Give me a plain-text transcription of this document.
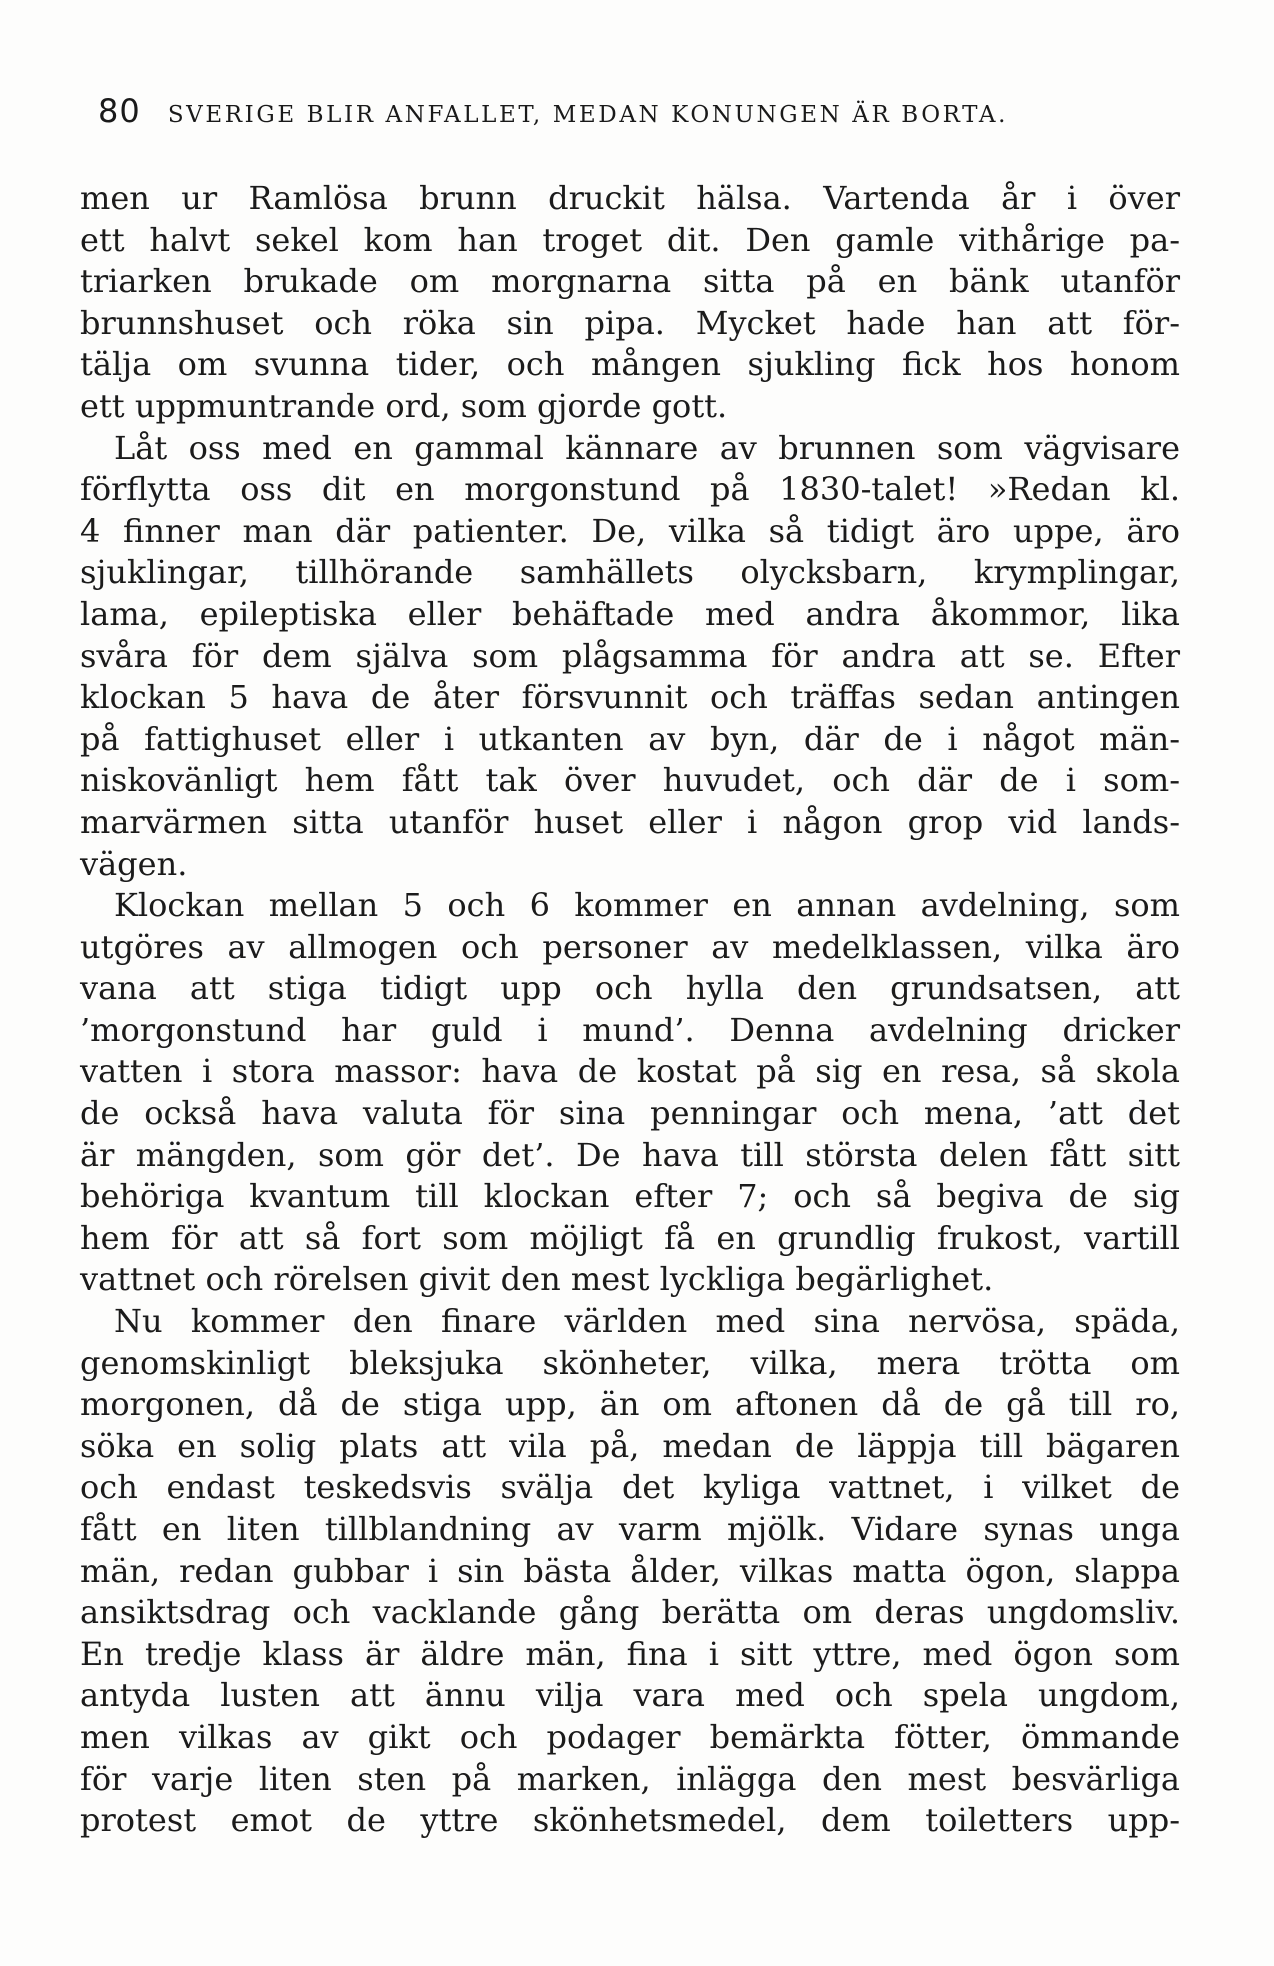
80 SVERIGE BLIR ANFALLET, MEDAN KONUNGEN ÄR BORTA.
men ur Ramlösa brunn druckit hälsa. Vartenda år i över
ett halvt sekel kom han troget dit. Den gamle vithårige pa-
triarken brukade om morgnarna sitta på en bänk utanför
brunnshuset och röka sin pipa. Mycket hade han att för-
tälja om svunna tider, och mången sjukling fick hos honom
ett uppmuntrande ord, som gjorde gott.
Låt oss med en gammal kännare av brunnen som vägvisare
förflytta oss dit en morgonstund på 1830-talet! »Redan kl.
4 finner man där patienter. De, vilka så tidigt äro uppe, äro
sjuklingar, tillhörande samhällets olycksbarn, krymplingar,
lama, epileptiska eller behäftade med andra åkommor, lika
svåra för dem själva som plågsamma för andra att se. Efter
klockan 5 hava de åter försvunnit och träffas sedan antingen
på fattighuset eller i utkanten av byn, där de i något män-
niskovänligt hem fått tak över huvudet, och där de i som-
marvärmen sitta utanför huset eller i någon grop vid lands-
vägen.
Klockan mellan 5 och 6 kommer en annan avdelning, som
utgöres av allmogen och personer av medelklassen, vilka äro
vana att stiga tidigt upp och hylla den grundsatsen, att
’morgonstund har guld i mund’. Denna avdelning dricker
vatten i stora massor: hava de kostat på sig en resa, så skola
de också hava valuta för sina penningar och mena, ’att det
är mängden, som gör det’. De hava till största delen fått sitt
behöriga kvantum till klockan efter 7; och så begiva de sig
hem för att så fort som möjligt få en grundlig frukost, vartill
vattnet och rörelsen givit den mest lyckliga begärlighet.
Nu kommer den finare världen med sina nervösa, späda,
genomskinligt bleksjuka skönheter, vilka, mera trötta om
morgonen, då de stiga upp, än om aftonen då de gå till ro,
söka en solig plats att vila på, medan de läppja till bägaren
och endast teskedsvis svälja det kyliga vattnet, i vilket de
fått en liten tillblandning av varm mjölk. Vidare synas unga
män, redan gubbar i sin bästa ålder, vilkas matta ögon, slappa
ansiktsdrag och vacklande gång berätta om deras ungdomsliv.
En tredje klass är äldre män, fina i sitt yttre, med ögon som
antyda lusten att ännu vilja vara med och spela ungdom,
men vilkas av gikt och podager bemärkta fötter, ömmande
för varje liten sten på marken, inlägga den mest besvärliga
protest emot de yttre skönhetsmedel, dem toiletters upp-
